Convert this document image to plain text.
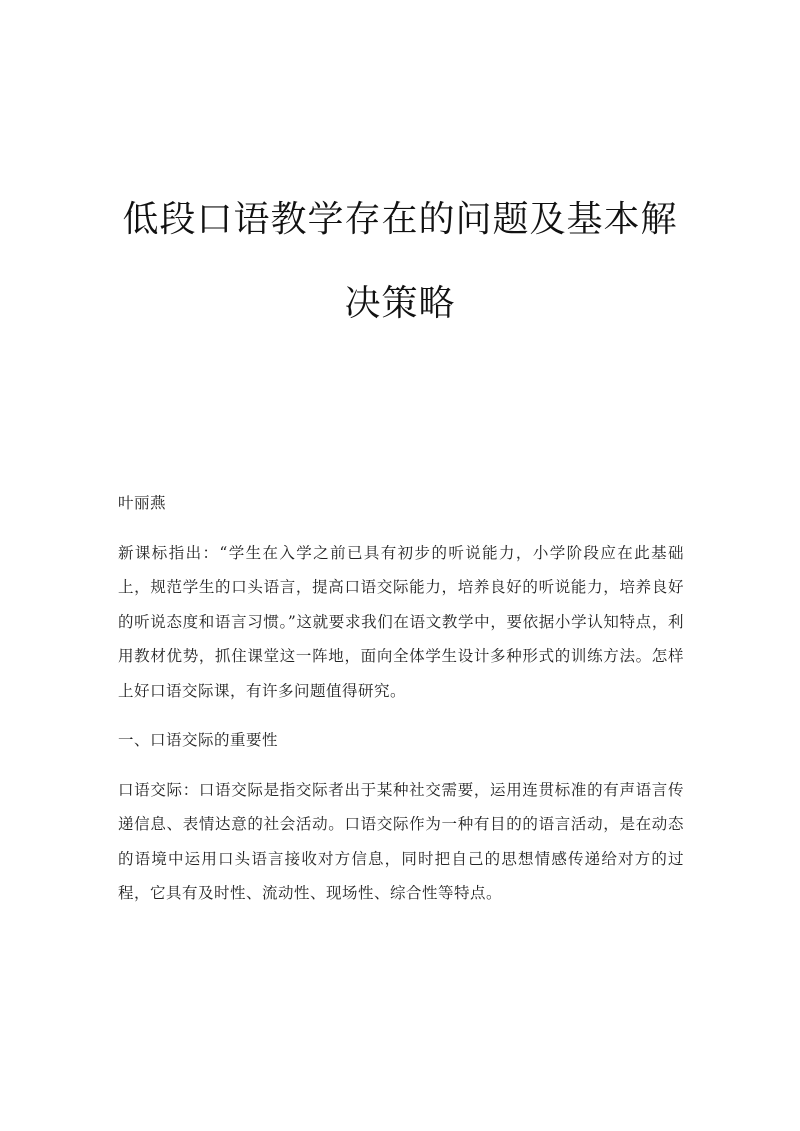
低段口语教学存在的问题及基本解决策略

叶丽燕

新课标指出：“学生在入学之前已具有初步的听说能力，小学阶段应在此基础上，规范学生的口头语言，提高口语交际能力，培养良好的听说能力，培养良好的听说态度和语言习惯。”这就要求我们在语文教学中，要依据小学认知特点，利用教材优势，抓住课堂这一阵地，面向全体学生设计多种形式的训练方法。怎样上好口语交际课，有许多问题值得研究。

一、口语交际的重要性

口语交际：口语交际是指交际者出于某种社交需要，运用连贯标准的有声语言传递信息、表情达意的社会活动。口语交际作为一种有目的的语言活动，是在动态的语境中运用口头语言接收对方信息，同时把自己的思想情感传递给对方的过程，它具有及时性、流动性、现场性、综合性等特点。
